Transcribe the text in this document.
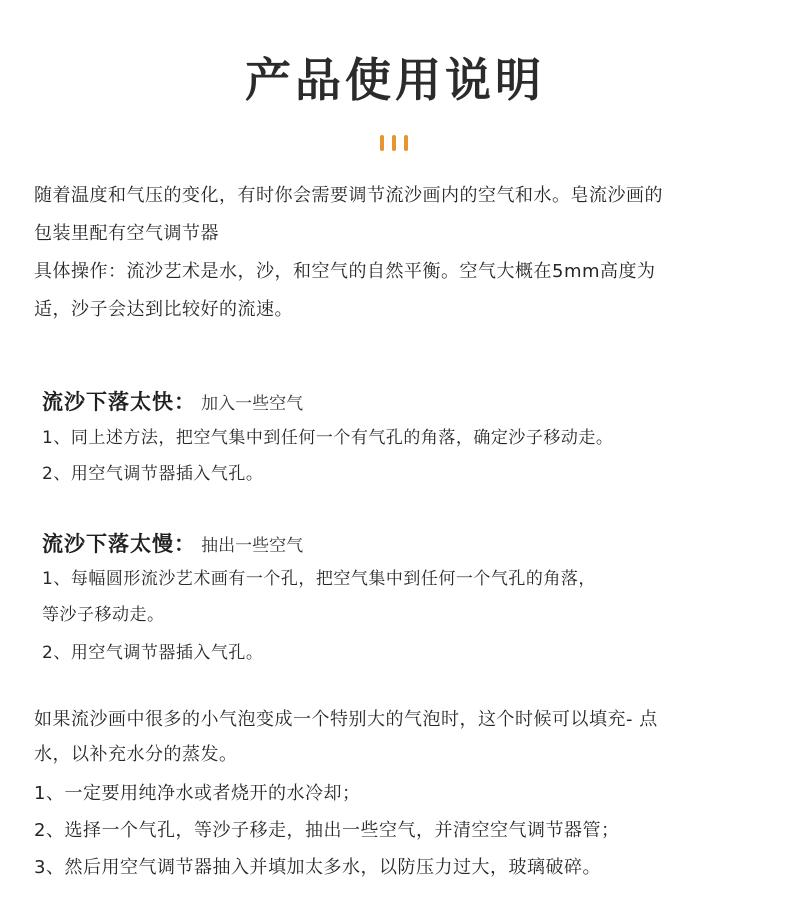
产品使用说明

随着温度和气压的变化，有时你会需要调节流沙画内的空气和水。皂流沙画的

包装里配有空气调节器

具体操作：流沙艺术是水，沙，和空气的自然平衡。空气大概在5mm高度为

适，沙子会达到比较好的流速。

流沙下落太快： 加入一些空气

1、同上述方法，把空气集中到任何一个有气孔的角落，确定沙子移动走。

2、用空气调节器插入气孔。

流沙下落太慢： 抽出一些空气

1、每幅圆形流沙艺术画有一个孔，把空气集中到任何一个气孔的角落，

等沙子移动走。

2、用空气调节器插入气孔。

如果流沙画中很多的小气泡变成一个特别大的气泡时，这个时候可以填充- 点

水，以补充水分的蒸发。

1、一定要用纯净水或者烧开的水冷却；

2、选择一个气孔，等沙子移走，抽出一些空气，并清空空气调节器管；

3、然后用空气调节器抽入并填加太多水，以防压力过大，玻璃破碎。
